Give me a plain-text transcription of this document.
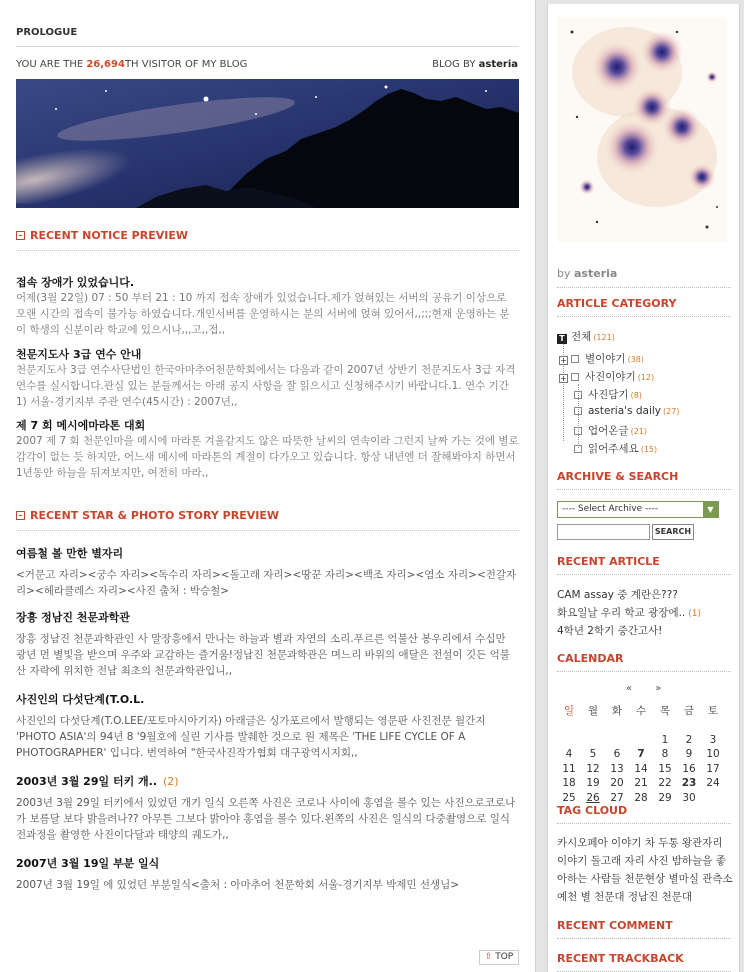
PROLOGUE
YOU ARE THE 26,694TH VISITOR OF MY BLOG	BLOG BY asteria
RECENT NOTICE PREVIEW
접속 장애가 있었습니다.
어제(3월 22일) 07 : 50 부터 21 : 10 까지 접속 장애가 있었습니다.제가 얹혀있는 서버의 공유기 이상으로 오랜 시간의 접속이 불가능 하였습니다.개인서버를 운영하시는 분의 서버에 얹혀 있어서,,;;;현재 운영하는 분이 학생의 신분이라 학교에 있으시나,,,고,,접,,
천문지도사 3급 연수 안내
천문지도사 3급 연수사단법인 한국아마추어천문학회에서는 다음과 같이 2007년 상반기 천문지도사 3급 자격 연수를 실시합니다.관심 있는 분들께서는 아래 공지 사항을 잘 읽으시고 신청해주시기 바랍니다.1. 연수 기간 1) 서울-경기지부 주관 연수(45시간) : 2007년,,
제 7 회 메시에마라톤 대회
2007 제 7 회 천문인마을 메시에 마라톤 겨울같지도 않은 따뜻한 날씨의 연속이라 그런지 날짜 가는 것에 별로 감각이 없는 듯 하지만, 어느새 메시에 마라톤의 계절이 다가오고 있습니다. 항상 내년엔 더 잘해봐야지 하면서 1년동안 하늘을 뒤져보지만, 여전히 마라,,
RECENT STAR & PHOTO STORY PREVIEW
여름철 볼 만한 별자리
<거문고 자리><궁수 자리><독수리 자리><돌고래 자리><땅꾼 자리><백조 자리><염소 자리><전갈자리><헤라클레스 자리><사진 출처 : 박승철>
장흥 정남진 천문과학관
장흥 정남진 천문과학관인 사 말장흥에서 만나는 하늘과 별과 자연의 소리.푸르른 억불산 봉우리에서 수십만 광년 먼 별빛을 받으며 우주와 교감하는 즐거움!정남진 천문과학관은 며느리 바위의 애달은 전설이 깃든 억불산 자락에 위치한 전남 최초의 천문과학관입니,,
사진인의 다섯단계(T.O.L.
사진인의 다섯단계(T.O.LEE/포토마시아기자) 아래글은 싱가포르에서 발행되는 영문판 사진전문 월간지 'PHOTO ASIA'의 94년 8 '9월호에 실린 기사를 발췌한 것으로 원 제목은 'THE LIFE CYCLE OF A PHOTOGRAPHER' 입니다. 번역하여 "한국사진작가협회 대구광역시지회,,
2003년 3월 29일 터키 개.. (2)
2003년 3월 29일 터키에서 있었던 개기 일식 오른쪽 사진은 코로나 사이에 홍염을 볼수 있는 사진으로코로나가 보름달 보다 밝을려나?? 아무튼 그보다 밝아야 홍염을 볼수 있다.왼쪽의 사진은 일식의 다중촬영으로 일식 전과정을 촬영한 사진이다달과 태양의 궤도가,,
2007년 3월 19일 부분 일식
2007년 3월 19일 에 있었던 부분일식<출처 : 아마추어 천문학회 서울-경기지부 박제민 선생님>
⇧ TOP
by asteria
ARTICLE CATEGORY
T 전체 (121)
+ 별이야기 (38)
+ 사진이야기 (12)
사진담기 (8)
asteria's daily (27)
업어온글 (21)
읽어주세요 (15)
ARCHIVE & SEARCH
---- Select Archive ----	▼
SEARCH
RECENT ARTICLE
CAM assay 중 계란은???
화요일날 우리 학교 광장에.. (1)
4학년 2학기 중간고사!
CALENDAR
« »
일	월	화	수	목	금	토

				1	2	3
4	5	6	7	8	9	10
11	12	13	14	15	16	17
18	19	20	21	22	23	24
25	26	27	28	29	30	
TAG CLOUD
카시오페아 이야기 차 두통 왕관자리 이야기 돌고래 자리 사진 밤하늘을 좋아하는 사람들 천문현상 별마실 관측소 예천 별 천문대 정남진 천문대
RECENT COMMENT
RECENT TRACKBACK
